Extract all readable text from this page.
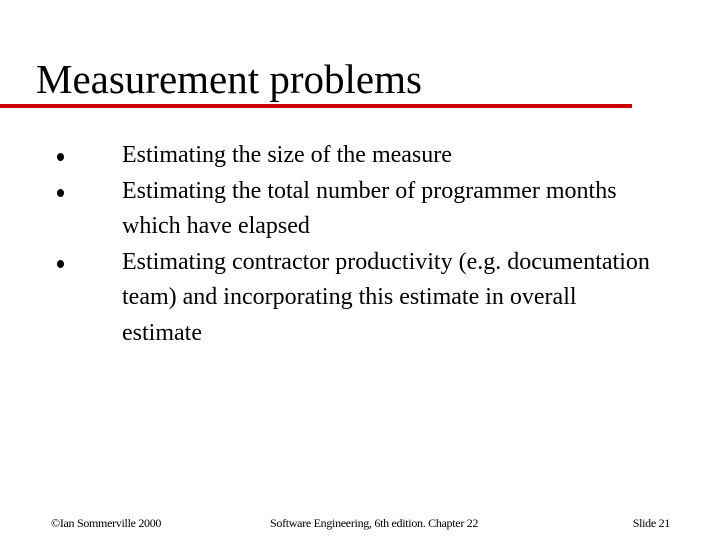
Measurement problems
Estimating the size of the measure
Estimating the total number of programmer months which have elapsed
Estimating contractor productivity (e.g. documentation team) and incorporating this estimate in overall estimate
©Ian Sommerville 2000	Software Engineering, 6th edition. Chapter 22	Slide 21
